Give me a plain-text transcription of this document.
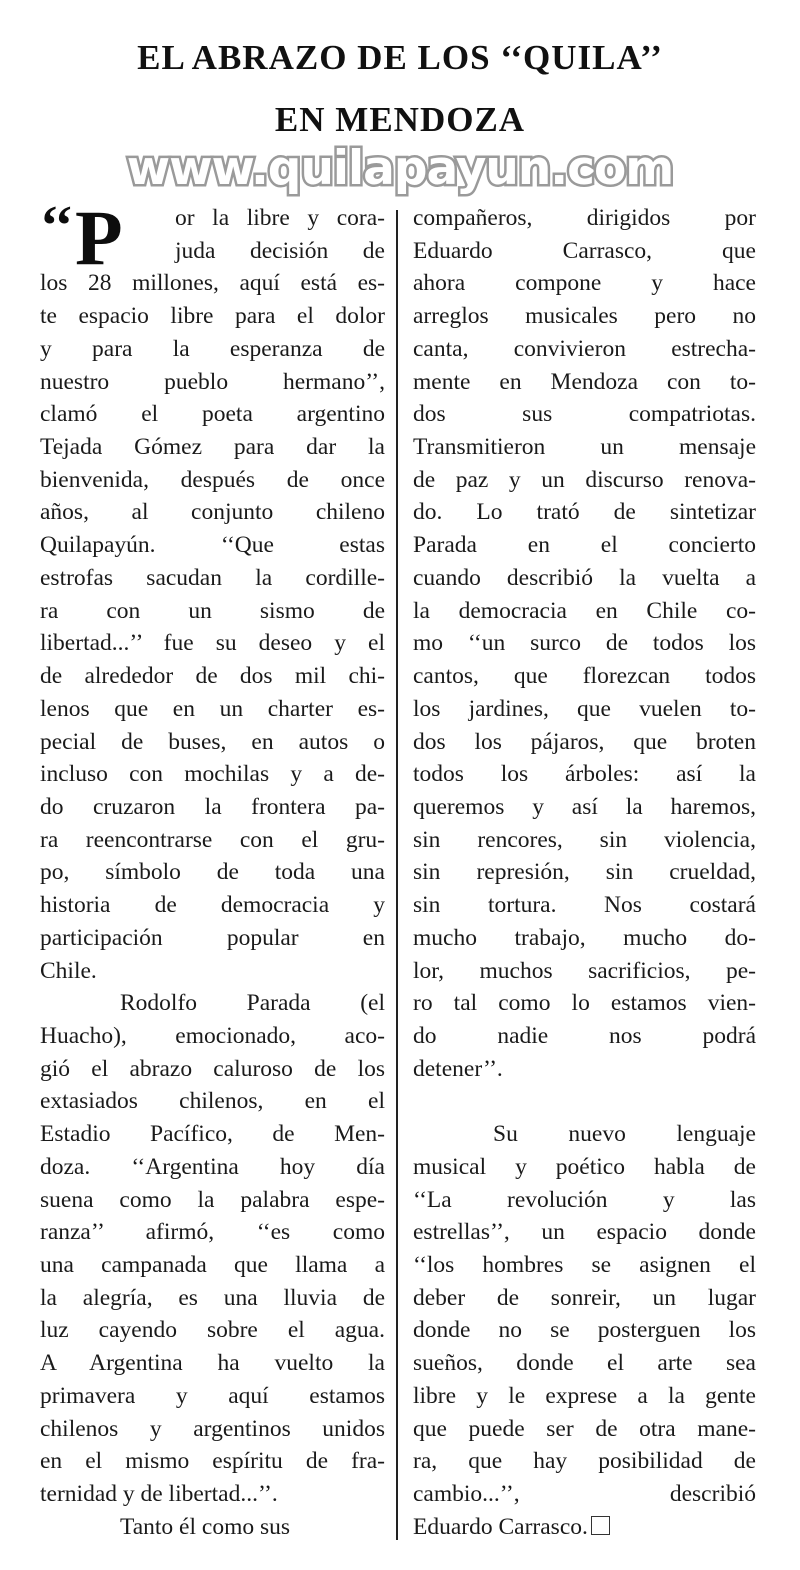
EL ABRAZO DE LOS ‘‘QUILA’’
EN MENDOZA
www.quilapayun.com
‘‘ P	or la libre y cora-
juda decisión de
los 28 millones, aquí está es-
te espacio libre para el dolor
y para la esperanza de
nuestro pueblo hermano’’,
clamó el poeta argentino
Tejada Gómez para dar la
bienvenida, después de once
años, al conjunto chileno
Quilapayún. ‘‘Que estas
estrofas sacudan la cordille-
ra con un sismo de
libertad...’’ fue su deseo y el
de alrededor de dos mil chi-
lenos que en un charter es-
pecial de buses, en autos o
incluso con mochilas y a de-
do cruzaron la frontera pa-
ra reencontrarse con el gru-
po, símbolo de toda una
historia de democracia y
participación popular en
Chile.
Rodolfo Parada (el
Huacho), emocionado, aco-
gió el abrazo caluroso de los
extasiados chilenos, en el
Estadio Pacífico, de Men-
doza. ‘‘Argentina hoy día
suena como la palabra espe-
ranza’’ afirmó, ‘‘es como
una campanada que llama a
la alegría, es una lluvia de
luz cayendo sobre el agua.
A Argentina ha vuelto la
primavera y aquí estamos
chilenos y argentinos unidos
en el mismo espíritu de fra-
ternidad y de libertad...’’.
Tanto él como sus
compañeros, dirigidos por
Eduardo Carrasco, que
ahora compone y hace
arreglos musicales pero no
canta, convivieron estrecha-
mente en Mendoza con to-
dos sus compatriotas.
Transmitieron un mensaje
de paz y un discurso renova-
do. Lo trató de sintetizar
Parada en el concierto
cuando describió la vuelta a
la democracia en Chile co-
mo ‘‘un surco de todos los
cantos, que florezcan todos
los jardines, que vuelen to-
dos los pájaros, que broten
todos los árboles: así la
queremos y así la haremos,
sin rencores, sin violencia,
sin represión, sin crueldad,
sin tortura. Nos costará
mucho trabajo, mucho do-
lor, muchos sacrificios, pe-
ro tal como lo estamos vien-
do nadie nos podrá
detener’’.
Su nuevo lenguaje
musical y poético habla de
‘‘La revolución y las
estrellas’’, un espacio donde
‘‘los hombres se asignen el
deber de sonreir, un lugar
donde no se posterguen los
sueños, donde el arte sea
libre y le exprese a la gente
que puede ser de otra mane-
ra, que hay posibilidad de
cambio...’’, describió
Eduardo Carrasco.
